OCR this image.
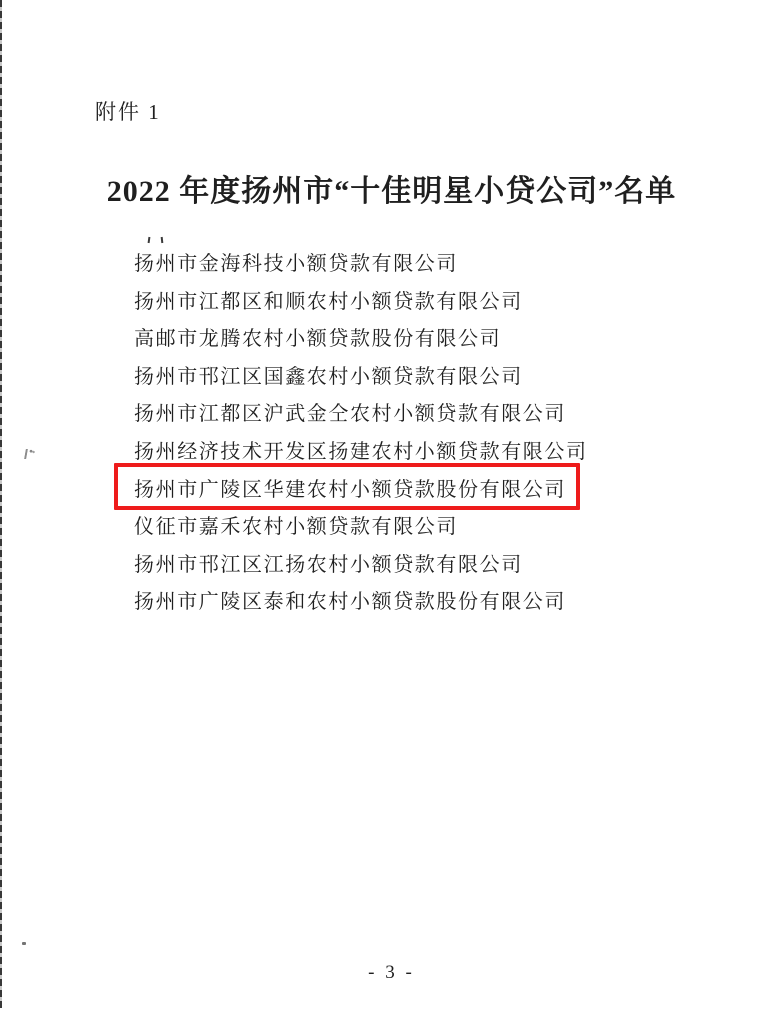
附件 1
2022 年度扬州市“十佳明星小贷公司”名单
扬州市金海科技小额贷款有限公司
扬州市江都区和顺农村小额贷款有限公司
高邮市龙腾农村小额贷款股份有限公司
扬州市邗江区国鑫农村小额贷款有限公司
扬州市江都区沪武金仝农村小额贷款有限公司
扬州经济技术开发区扬建农村小额贷款有限公司
扬州市广陵区华建农村小额贷款股份有限公司
仪征市嘉禾农村小额贷款有限公司
扬州市邗江区江扬农村小额贷款有限公司
扬州市广陵区泰和农村小额贷款股份有限公司
- 3 -
